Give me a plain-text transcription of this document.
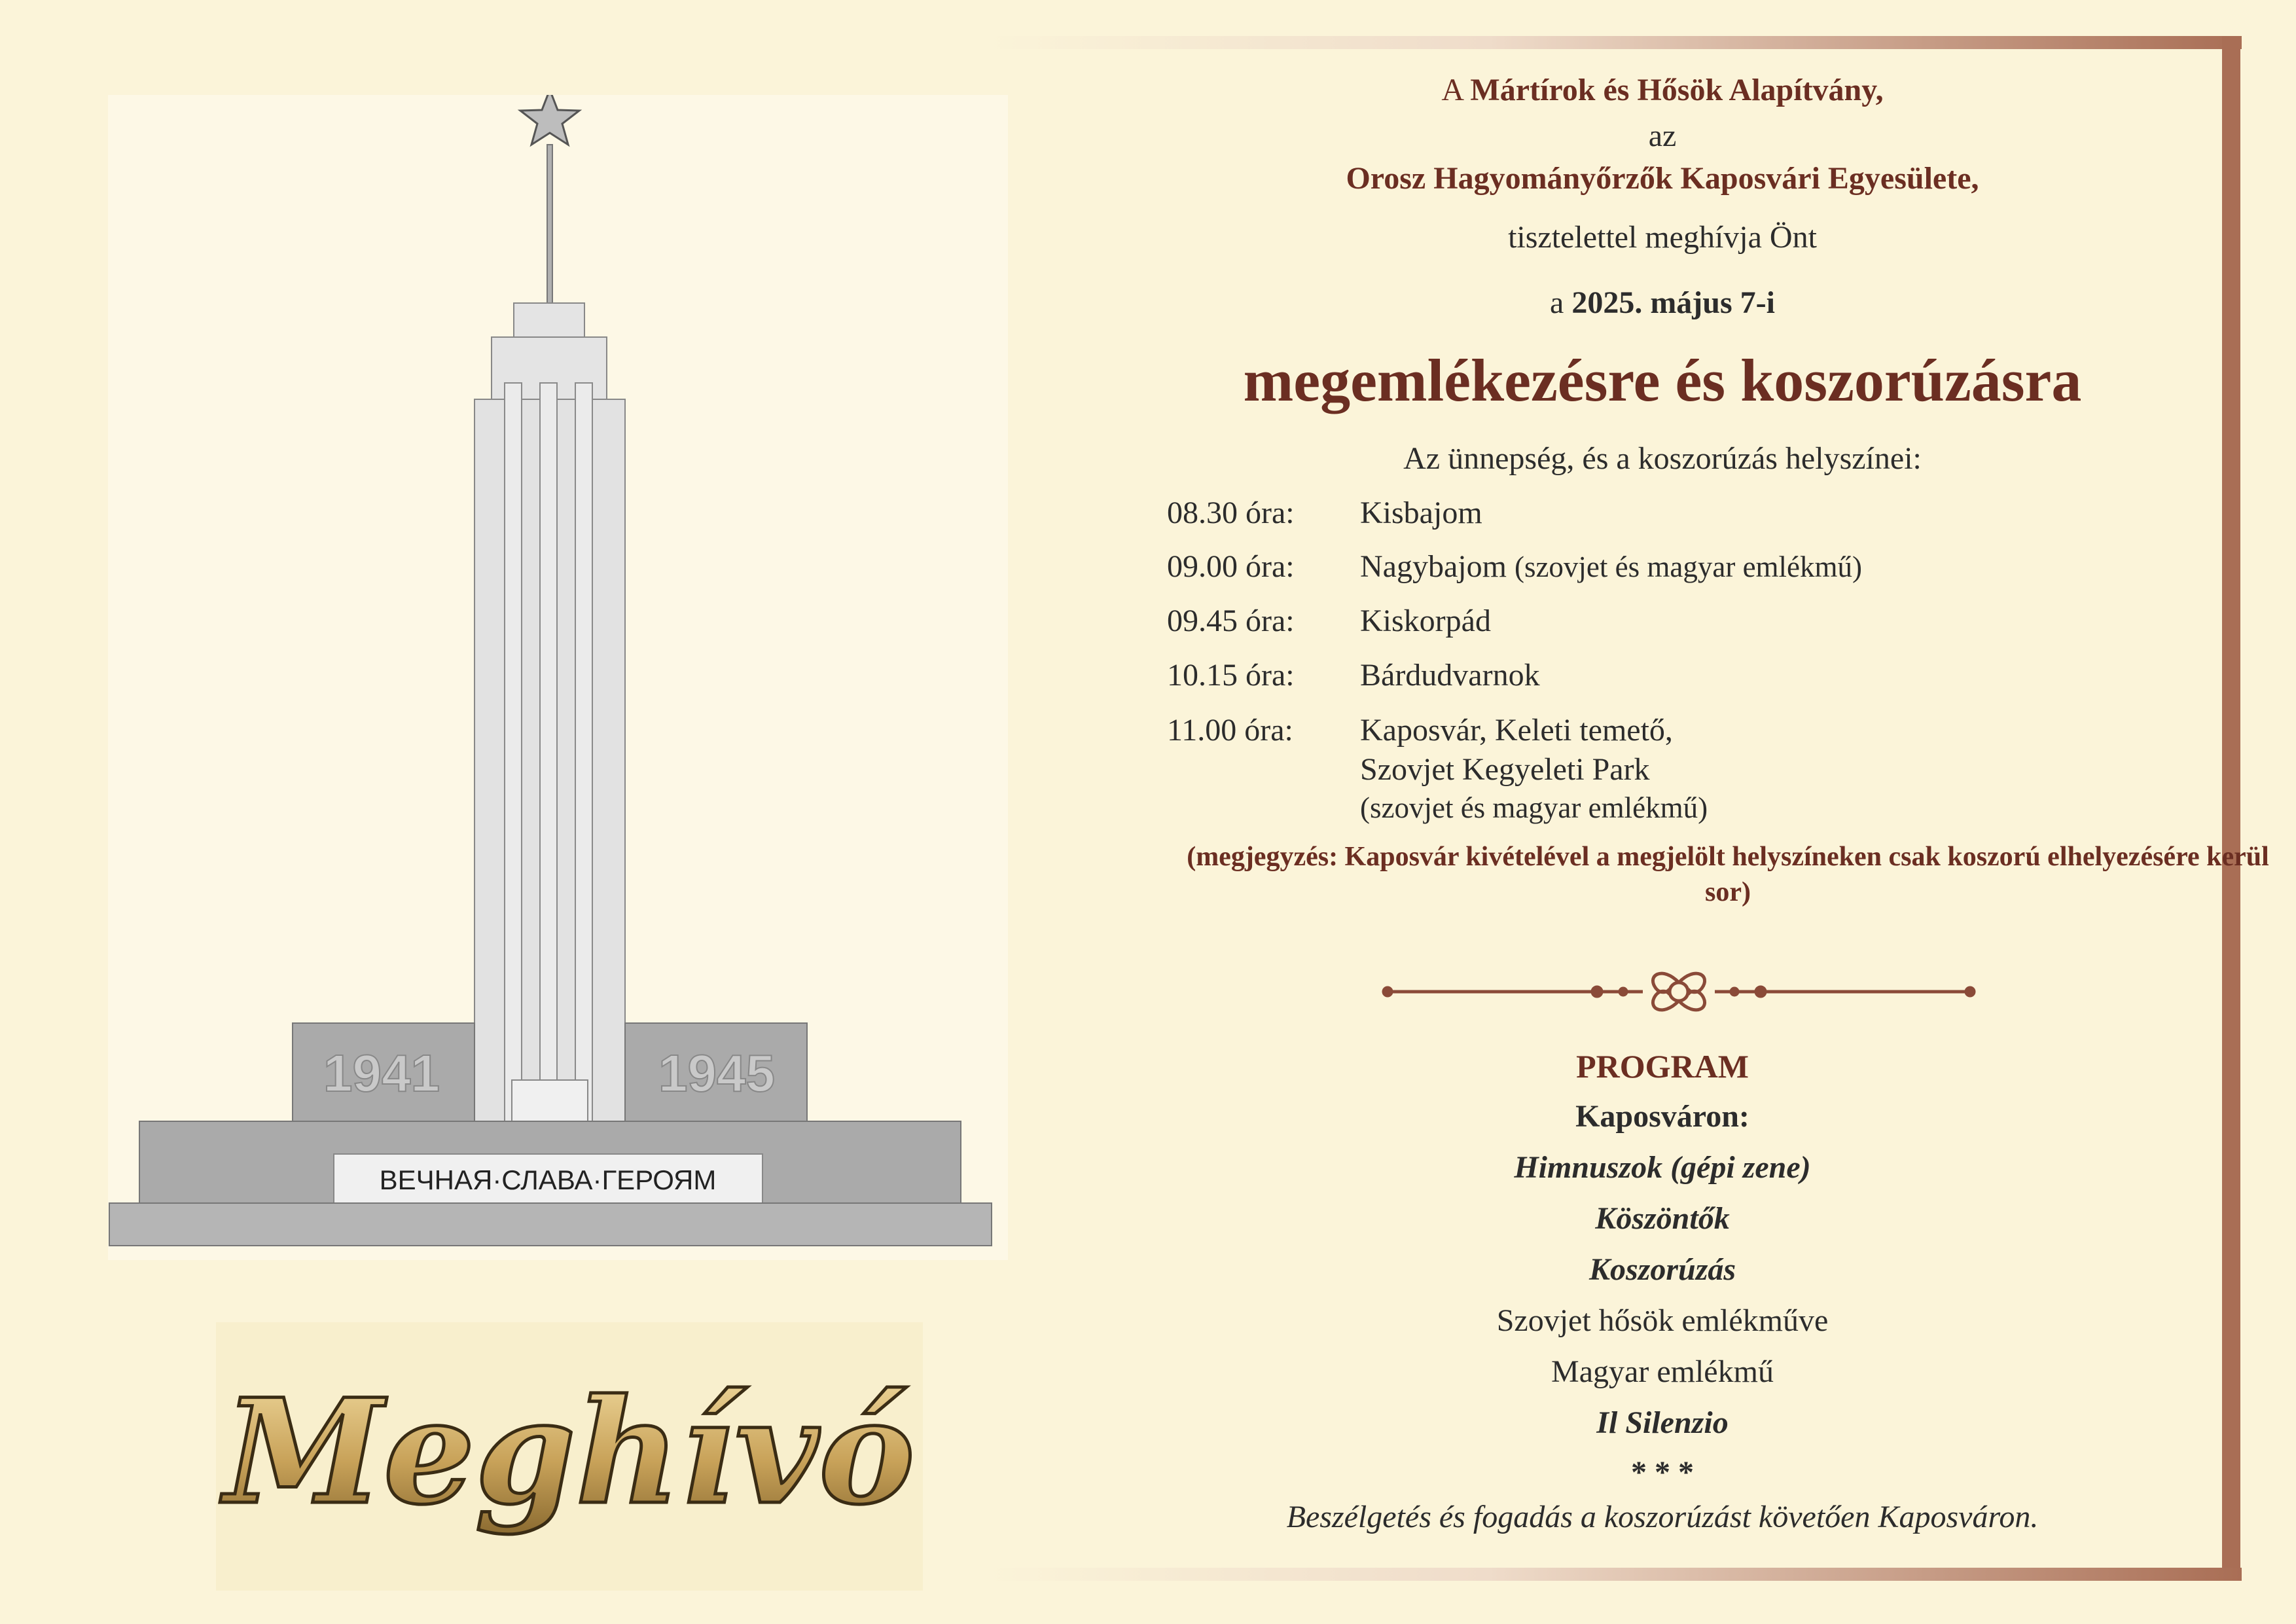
1941	1945
ВЕЧНАЯ·СЛАВА·ГЕРОЯМ
Meghívó

A Mártírok és Hősök Alapítvány,

az

Orosz Hagyományőrzők Kaposvári Egyesülete,

tisztelettel meghívja Önt

a 2025. május 7-i

megemlékezésre és koszorúzásra

Az ünnepség, és a koszorúzás helyszínei:

08.30 óra: Kisbajom

09.00 óra: Nagybajom (szovjet és magyar emlékmű)

09.45 óra: Kiskorpád

10.15 óra: Bárdudvarnok

11.00 óra: Kaposvár, Keleti temető,

Szovjet Kegyeleti Park

(szovjet és magyar emlékmű)

(megjegyzés: Kaposvár kivételével a megjelölt helyszíneken csak koszorú elhelyezésére kerül sor)

PROGRAM

Kaposváron:

Himnuszok (gépi zene)

Köszöntők

Koszorúzás

Szovjet hősök emlékműve

Magyar emlékmű

Il Silenzio

* * *

Beszélgetés és fogadás a koszorúzást követően Kaposváron.
